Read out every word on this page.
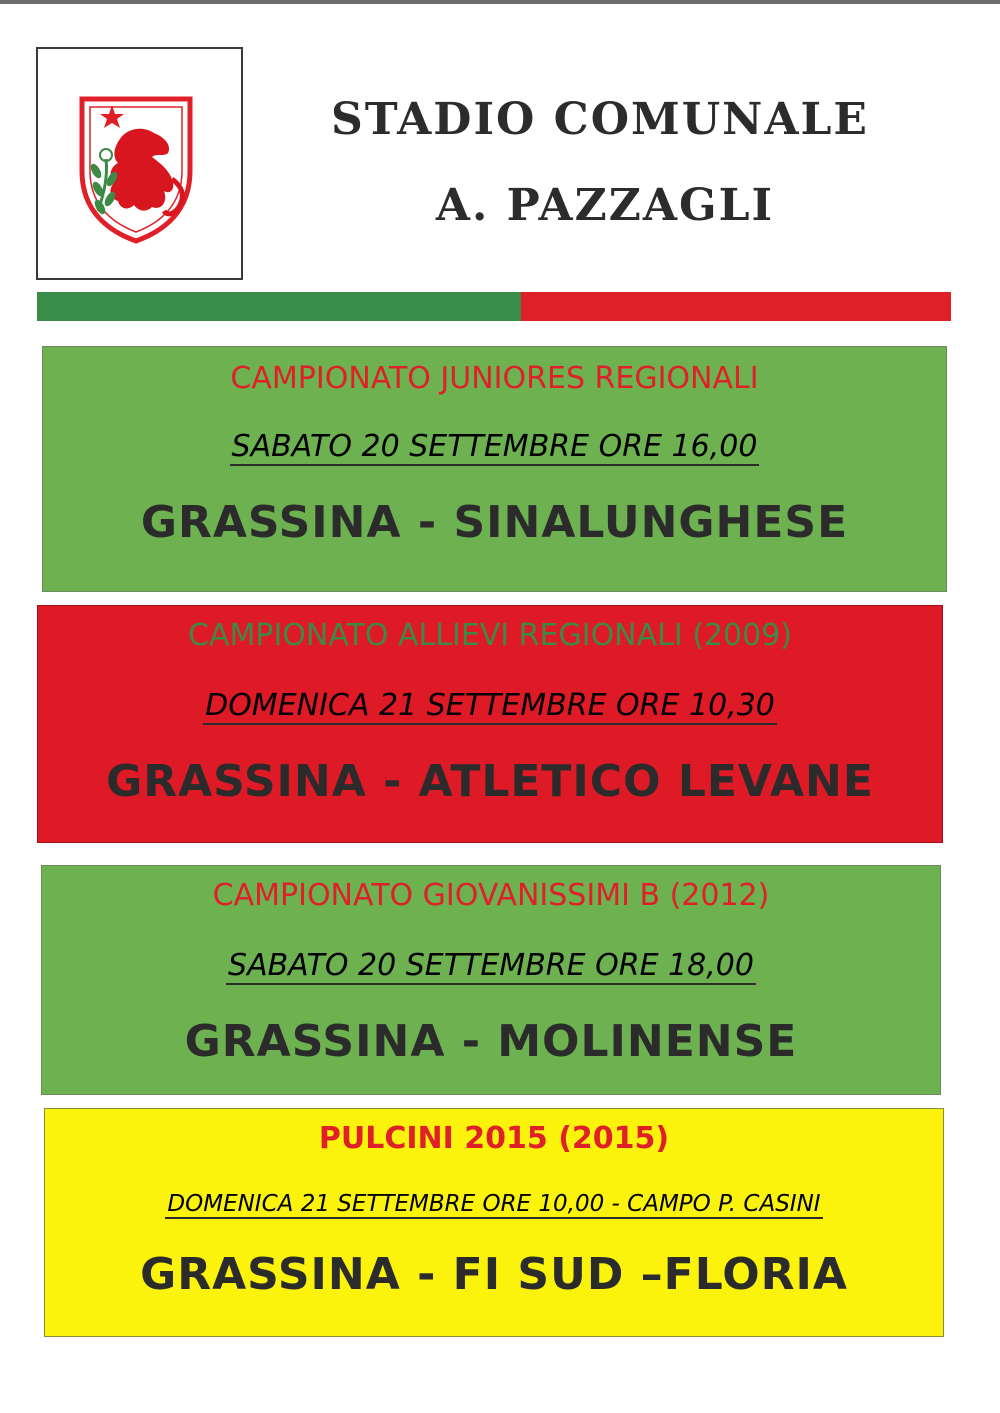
STADIO COMUNALE
A. PAZZAGLI

CAMPIONATO JUNIORES REGIONALI

SABATO 20 SETTEMBRE ORE 16,00

GRASSINA - SINALUNGHESE

CAMPIONATO ALLIEVI REGIONALI (2009)

DOMENICA 21 SETTEMBRE ORE 10,30

GRASSINA - ATLETICO LEVANE

CAMPIONATO GIOVANISSIMI B (2012)

SABATO 20 SETTEMBRE ORE 18,00

GRASSINA - MOLINENSE

PULCINI 2015 (2015)

DOMENICA 21 SETTEMBRE ORE 10,00 - CAMPO P. CASINI

GRASSINA - FI SUD –FLORIA
